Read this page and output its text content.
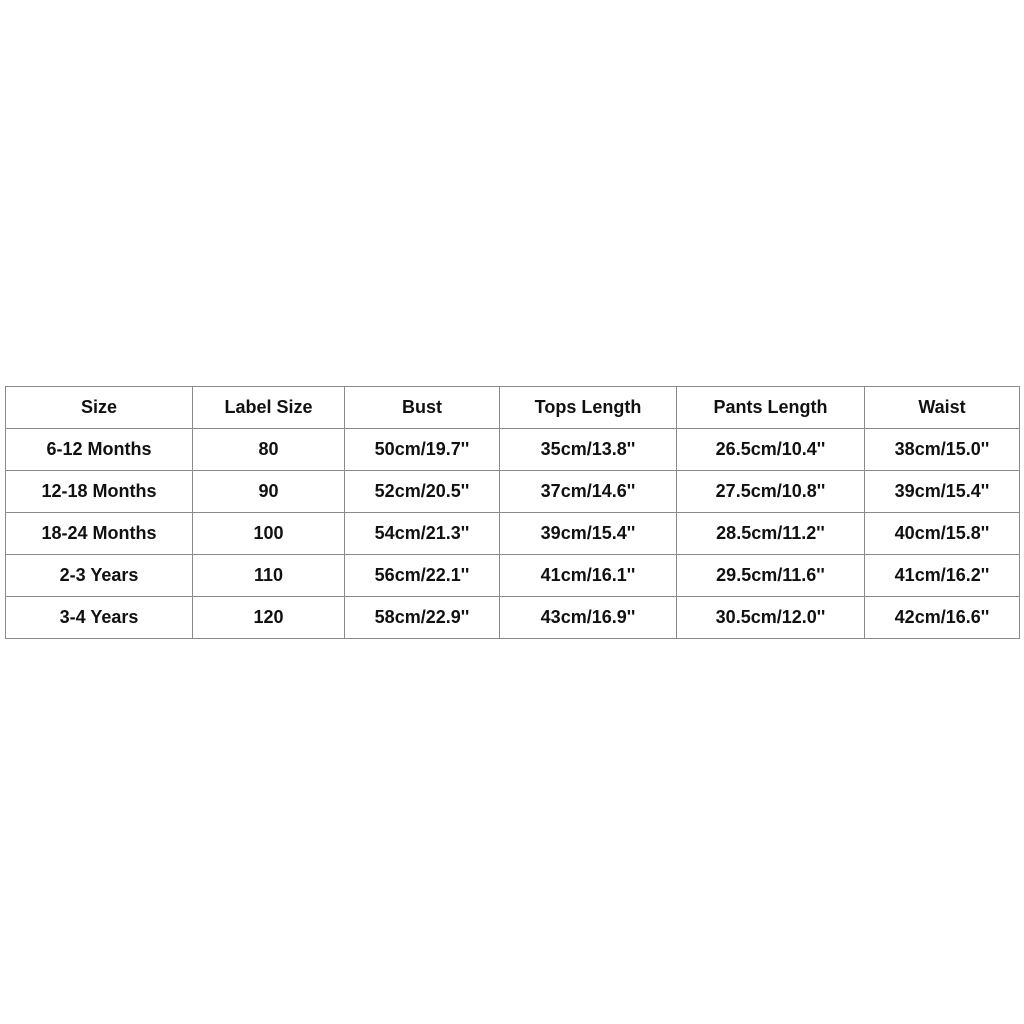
Size	Label Size	Bust	Tops Length	Pants Length	Waist
6-12 Months	80	50cm/19.7''	35cm/13.8''	26.5cm/10.4''	38cm/15.0''
12-18 Months	90	52cm/20.5''	37cm/14.6''	27.5cm/10.8''	39cm/15.4''
18-24 Months	100	54cm/21.3''	39cm/15.4''	28.5cm/11.2''	40cm/15.8''
2-3 Years	110	56cm/22.1''	41cm/16.1''	29.5cm/11.6''	41cm/16.2''
3-4 Years	120	58cm/22.9''	43cm/16.9''	30.5cm/12.0''	42cm/16.6''
